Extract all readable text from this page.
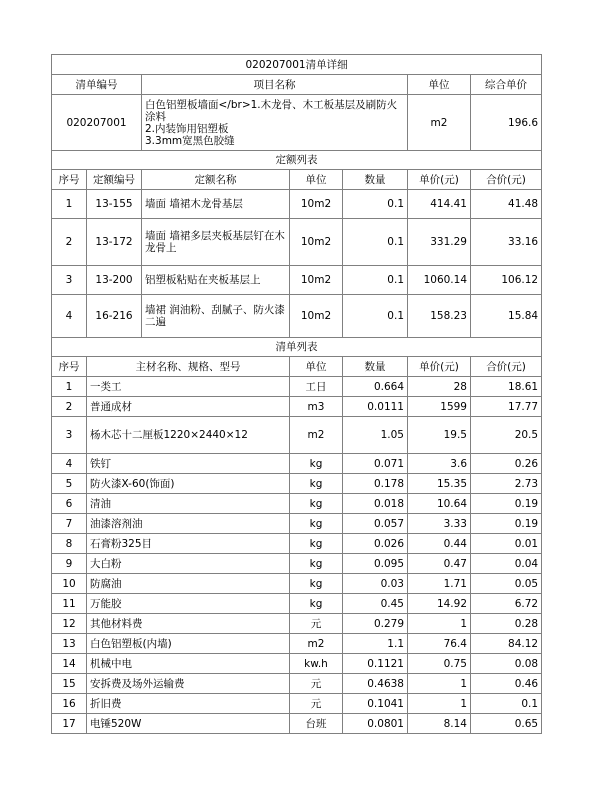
020207001清单详细						
清单编号		项目名称			单位	综合单价
020207001		白色铝塑板墙面</br>1.木龙骨、木工板基层及刷防火涂料
2.内装饰用铝塑板
3.3mm宽黑色胶缝			m2	196.6
定额列表						
序号	定额编号	定额名称	单位	数量	单价(元)	合价(元)
1	13-155	墙面 墙裙木龙骨基层	10m2	0.1	414.41	41.48
2	13-172	墙面 墙裙多层夹板基层钉在木龙骨上	10m2	0.1	331.29	33.16
3	13-200	铝塑板粘贴在夹板基层上	10m2	0.1	1060.14	106.12
4	16-216	墙裙 润油粉、刮腻子、防火漆二遍	10m2	0.1	158.23	15.84
清单列表						
序号	主材名称、规格、型号		单位	数量	单价(元)	合价(元)
1	一类工		工日	0.664	28	18.61
2	普通成材		m3	0.0111	1599	17.77
3	杨木芯十二厘板1220×2440×12		m2	1.05	19.5	20.5
4	铁钉		kg	0.071	3.6	0.26
5	防火漆X-60(饰面)		kg	0.178	15.35	2.73
6	清油		kg	0.018	10.64	0.19
7	油漆溶剂油		kg	0.057	3.33	0.19
8	石膏粉325目		kg	0.026	0.44	0.01
9	大白粉		kg	0.095	0.47	0.04
10	防腐油		kg	0.03	1.71	0.05
11	万能胶		kg	0.45	14.92	6.72
12	其他材料费		元	0.279	1	0.28
13	白色铝塑板(内墙)		m2	1.1	76.4	84.12
14	机械中电		kw.h	0.1121	0.75	0.08
15	安拆费及场外运输费		元	0.4638	1	0.46
16	折旧费		元	0.1041	1	0.1
17	电锤520W		台班	0.0801	8.14	0.65
